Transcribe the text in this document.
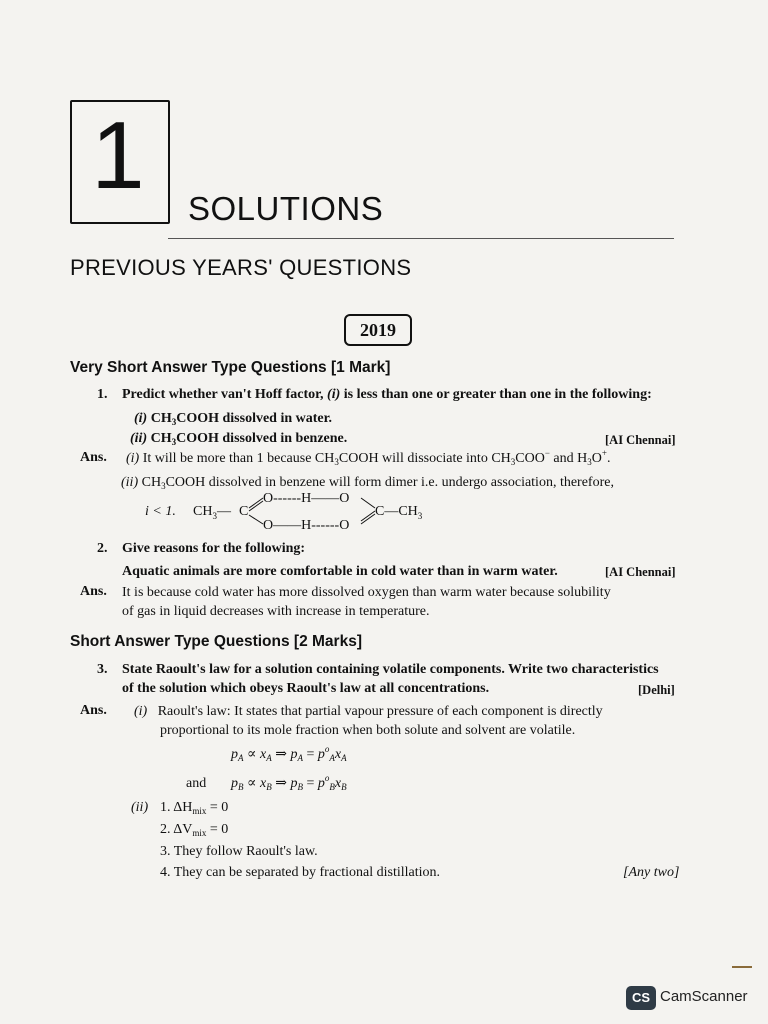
1	SOLUTIONS
PREVIOUS YEARS' QUESTIONS
2019
Very Short Answer Type Questions [1 Mark]
1. Predict whether van't Hoff factor, (i) is less than one or greater than one in the following:
(i) $CH_3COOH$ dissolved in water.
(ii) $CH_3COOH$ dissolved in benzene.	[AI Chennai]
Ans. (i) It will be more than 1 because $CH_3COOH$ will dissociate into $CH_3COO^-$ and $H_3O^+$.
(ii) $CH_3COOH$ dissolved in benzene will form dimer i.e. undergo association, therefore,
i < 1. $CH_3—$ C
O------H——O
O——H------O
$C—CH_3$
2. Give reasons for the following:
Aquatic animals are more comfortable in cold water than in warm water.	[AI Chennai]
Ans. It is because cold water has more dissolved oxygen than warm water because solubility
of gas in liquid decreases with increase in temperature.
Short Answer Type Questions [2 Marks]
3. State Raoult's law for a solution containing volatile components. Write two characteristics
of the solution which obeys Raoult's law at all concentrations.	[Delhi]
Ans. (i) Raoult's law: It states that partial vapour pressure of each component is directly
proportional to its mole fraction when both solute and solvent are volatile.
$p_A \propto x_A$ ⇒ $p_A = p^o_Ax_A$
and $p_B \propto x_B$ ⇒ $p_B = p^o_Bx_B$
(ii) 1. $\Delta H_{mix} = 0$
2. $\Delta V_{mix} = 0$
3. They follow Raoult's law.
4. They can be separated by fractional distillation.	[Any two]
CS CamScanner
